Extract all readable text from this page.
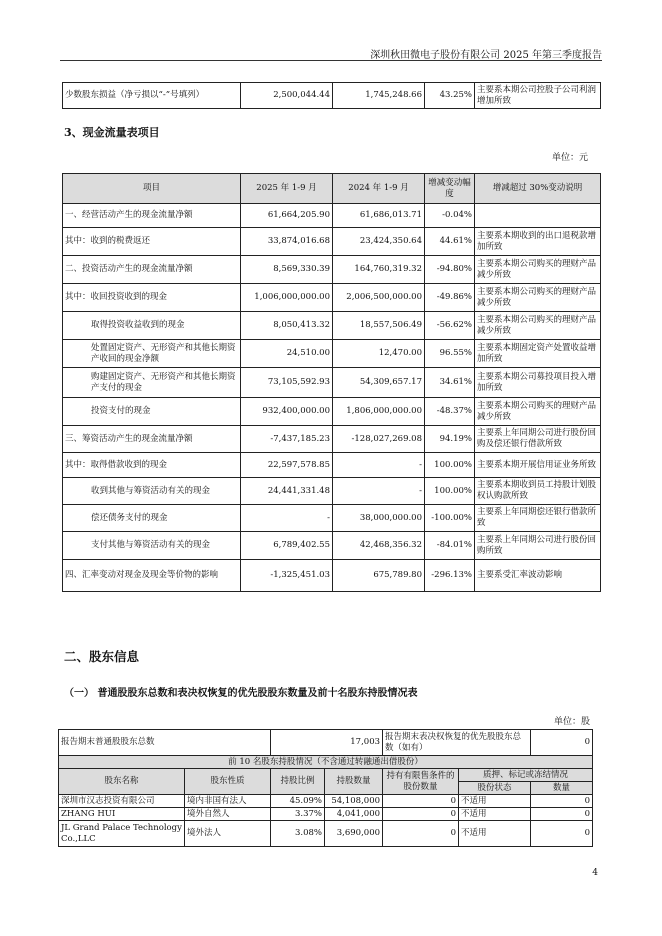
深圳秋田微电子股份有限公司 2025 年第三季度报告
少数股东损益（净亏损以“-”号填列）	2,500,044.44	1,745,248.66	43.25%	主要系本期公司控股子公司利润增加所致
3、现金流量表项目
单位：元
项目	2025 年 1-9 月	2024 年 1-9 月	增减变动幅度	增减超过 30%变动说明
一、经营活动产生的现金流量净额	61,664,205.90	61,686,013.71	-0.04%	
其中：收到的税费返还	33,874,016.68	23,424,350.64	44.61%	主要系本期收到的出口退税款增加所致
二、投资活动产生的现金流量净额	8,569,330.39	164,760,319.32	-94.80%	主要系本期公司购买的理财产品减少所致
其中：收回投资收到的现金	1,006,000,000.00	2,006,500,000.00	-49.86%	主要系本期公司购买的理财产品减少所致
取得投资收益收到的现金	8,050,413.32	18,557,506.49	-56.62%	主要系本期公司购买的理财产品减少所致
处置固定资产、无形资产和其他长期资产收回的现金净额	24,510.00	12,470.00	96.55%	主要系本期固定资产处置收益增加所致
购建固定资产、无形资产和其他长期资产支付的现金	73,105,592.93	54,309,657.17	34.61%	主要系本期公司募投项目投入增加所致
投资支付的现金	932,400,000.00	1,806,000,000.00	-48.37%	主要系本期公司购买的理财产品减少所致
三、筹资活动产生的现金流量净额	-7,437,185.23	-128,027,269.08	94.19%	主要系上年同期公司进行股份回购及偿还银行借款所致
其中：取得借款收到的现金	22,597,578.85	-	100.00%	主要系本期开展信用证业务所致
收到其他与筹资活动有关的现金	24,441,331.48	-	100.00%	主要系本期收到员工持股计划股权认购款所致
偿还债务支付的现金	-	38,000,000.00	-100.00%	主要系上年同期偿还银行借款所致
支付其他与筹资活动有关的现金	6,789,402.55	42,468,356.32	-84.01%	主要系上年同期公司进行股份回购所致
四、汇率变动对现金及现金等价物的影响	-1,325,451.03	675,789.80	-296.13%	主要系受汇率波动影响
二、股东信息
（一） 普通股股东总数和表决权恢复的优先股股东数量及前十名股东持股情况表
单位：股
报告期末普通股股东总数		17,003		报告期末表决权恢复的优先股股东总数（如有）		0
前 10 名股东持股情况（不含通过转融通出借股份）						
股东名称	股东性质	持股比例	持股数量	持有有限售条件的股份数量	质押、标记或冻结情况	
					股份状态	数量
深圳市汉志投资有限公司	境内非国有法人	45.09%	54,108,000	0	不适用	0
ZHANG HUI	境外自然人	3.37%	4,041,000	0	不适用	0
JL Grand Palace Technology Co.,LLC	境外法人	3.08%	3,690,000	0	不适用	0
4
